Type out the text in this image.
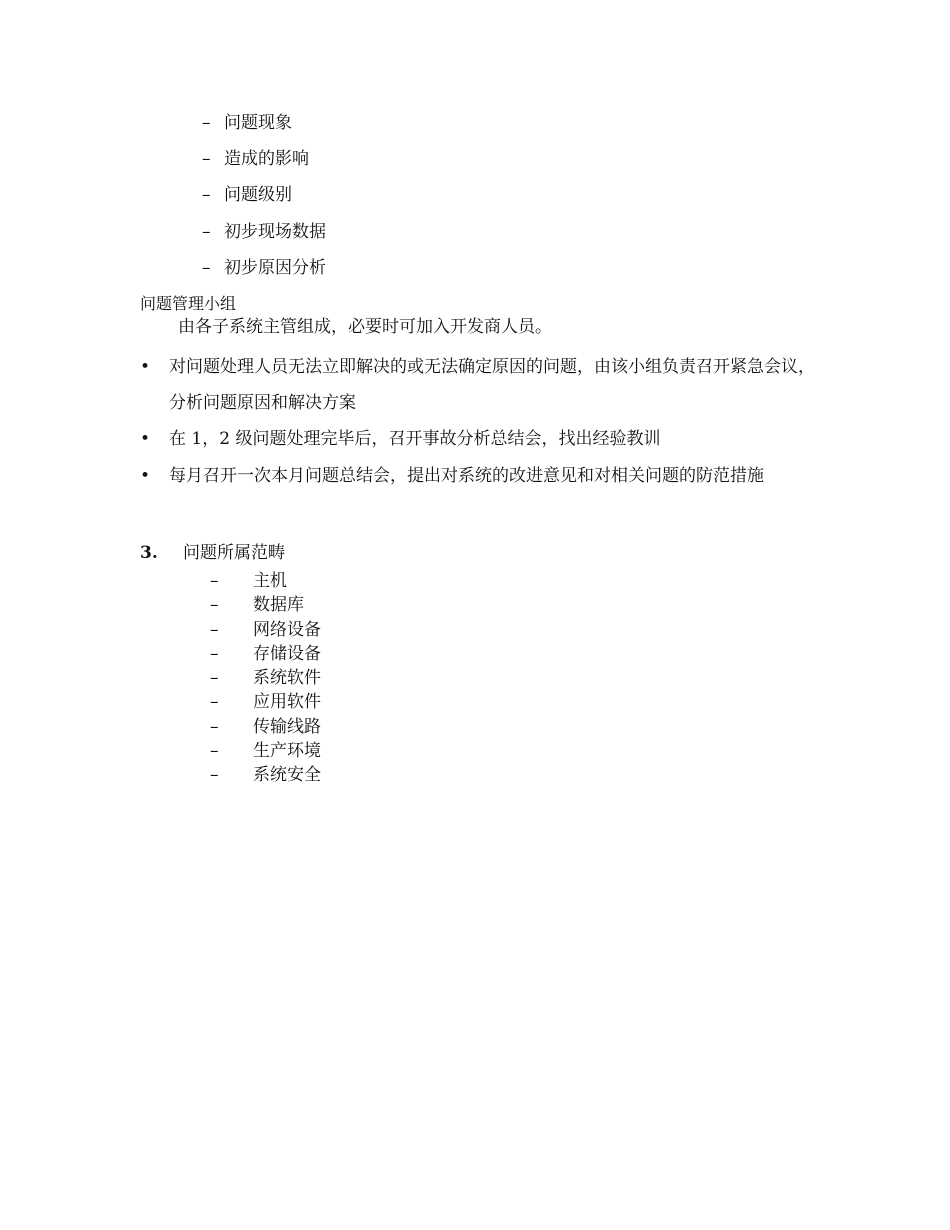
– 问题现象
– 造成的影响
– 问题级别
– 初步现场数据
– 初步原因分析
问题管理小组
由各子系统主管组成，必要时可加入开发商人员。
•	对问题处理人员无法立即解决的或无法确定原因的问题，由该小组负责召开紧急会议，分析问题原因和解决方案
•	在 1，2 级问题处理完毕后，召开事故分析总结会，找出经验教训
•	每月召开一次本月问题总结会，提出对系统的改进意见和对相关问题的防范措施
3. 问题所属范畴
– 主机
– 数据库
– 网络设备
– 存储设备
– 系统软件
– 应用软件
– 传输线路
– 生产环境
– 系统安全
